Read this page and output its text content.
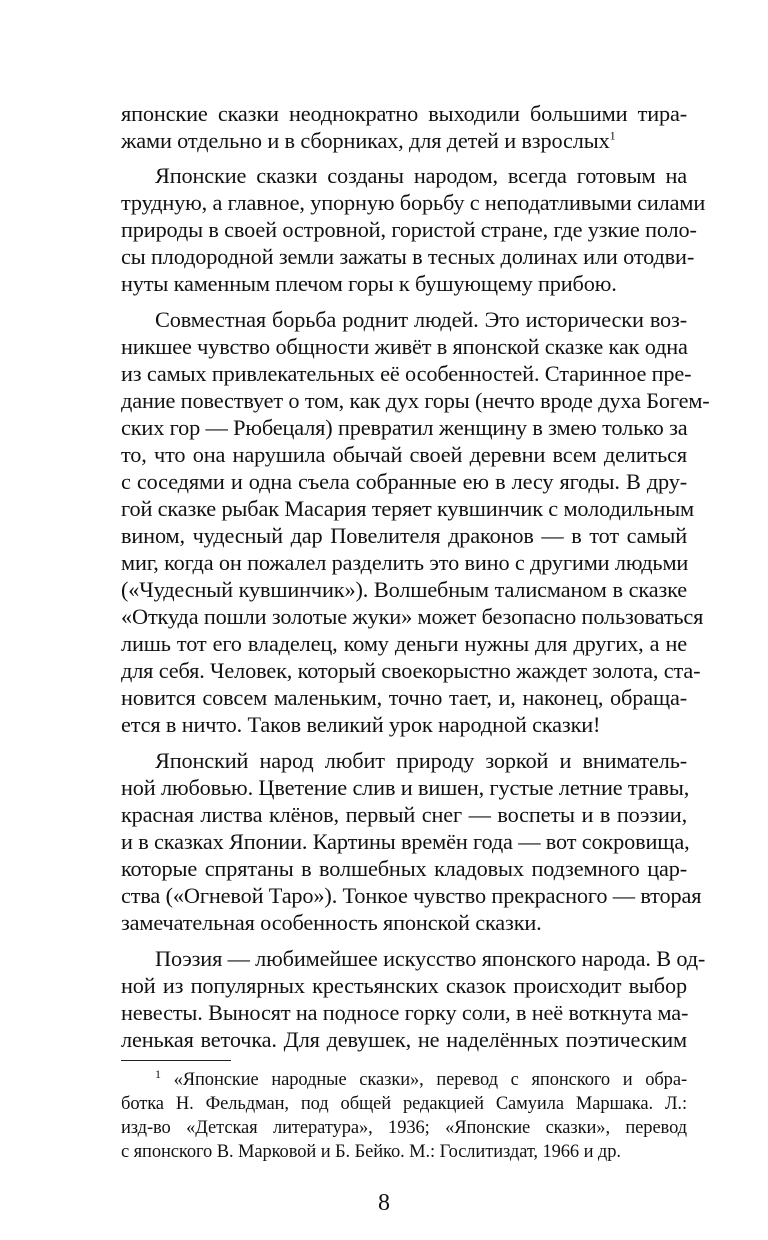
японские сказки неоднократно выходили большими тира-
жами отдельно и в сборниках, для детей и взрослых$^1$
Японские сказки созданы народом, всегда готовым на
трудную, а главное, упорную борьбу с неподатливыми силами
природы в своей островной, гористой стране, где узкие поло-
сы плодородной земли зажаты в тесных долинах или отодви-
нуты каменным плечом горы к бушующему прибою.
Совместная борьба роднит людей. Это исторически воз-
никшее чувство общности живёт в японской сказке как одна
из самых привлекательных её особенностей. Старинное пре-
дание повествует о том, как дух горы (нечто вроде духа Богем-
ских гор — Рюбецаля) превратил женщину в змею только за
то, что она нарушила обычай своей деревни всем делиться
с соседями и одна съела собранные ею в лесу ягоды. В дру-
гой сказке рыбак Масария теряет кувшинчик с молодильным
вином, чудесный дар Повелителя драконов — в тот самый
миг, когда он пожалел разделить это вино с другими людьми
(«Чудесный кувшинчик»). Волшебным талисманом в сказке
«Откуда пошли золотые жуки» может безопасно пользоваться
лишь тот его владелец, кому деньги нужны для других, а не
для себя. Человек, который своекорыстно жаждет золота, ста-
новится совсем маленьким, точно тает, и, наконец, обраща-
ется в ничто. Таков великий урок народной сказки!
Японский народ любит природу зоркой и вниматель-
ной любовью. Цветение слив и вишен, густые летние травы,
красная листва клёнов, первый снег — воспеты и в поэзии,
и в сказках Японии. Картины времён года — вот сокровища,
которые спрятаны в волшебных кладовых подземного цар-
ства («Огневой Таро»). Тонкое чувство прекрасного — вторая
замечательная особенность японской сказки.
Поэзия — любимейшее искусство японского народа. В од-
ной из популярных крестьянских сказок происходит выбор
невесты. Выносят на подносе горку соли, в неё воткнута ма-
ленькая веточка. Для девушек, не наделённых поэтическим
$^1$ «Японские народные сказки», перевод с японского и обра-
ботка Н. Фельдман, под общей редакцией Самуила Маршака. Л.:
изд-во «Детская литература», 1936; «Японские сказки», перевод
с японского В. Марковой и Б. Бейко. М.: Гослитиздат, 1966 и др.
8
